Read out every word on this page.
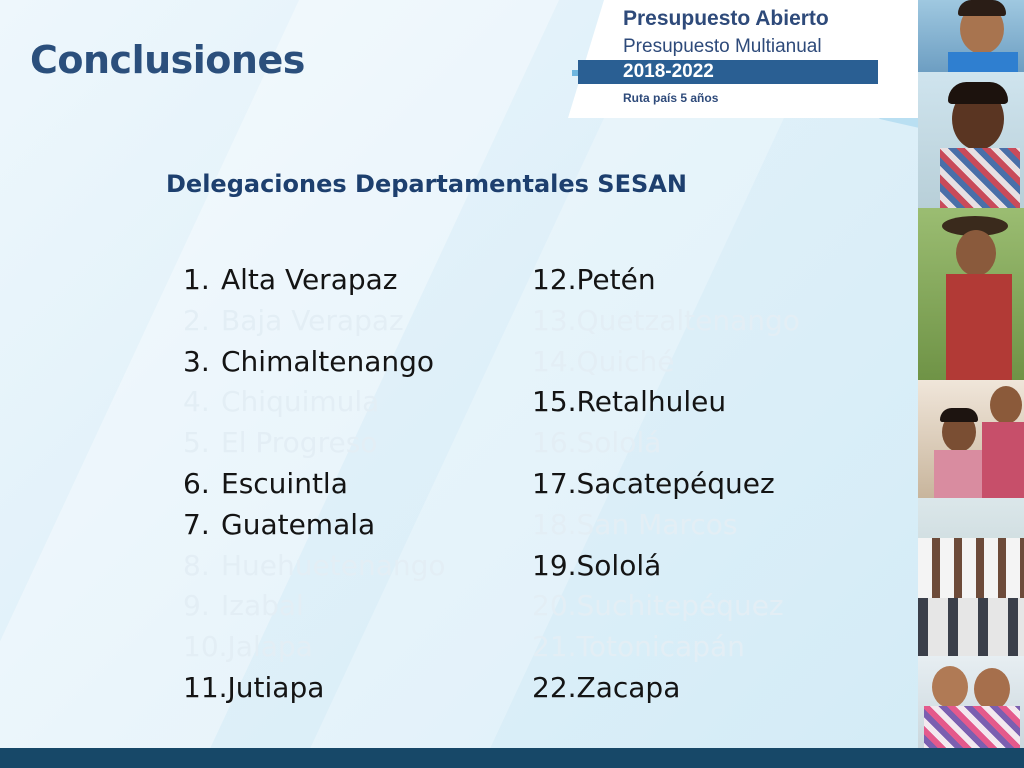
Conclusiones
Presupuesto Abierto
Presupuesto Multianual
2018-2022
Ruta país 5 años
Delegaciones Departamentales SESAN
1. Alta Verapaz
2. Baja Verapaz
3. Chimaltenango
4. Chiquimula
5. El Progreso
6. Escuintla
7. Guatemala
8. Huehuetenango
9. Izabal
10.Jalapa
11.Jutiapa
12.Petén
13.Quetzaltenango
14.Quiché
15.Retalhuleu
16.Sololá
17.Sacatepéquez
18.San Marcos
19.Sololá
20.Suchitepéquez
21.Totonicapán
22.Zacapa
